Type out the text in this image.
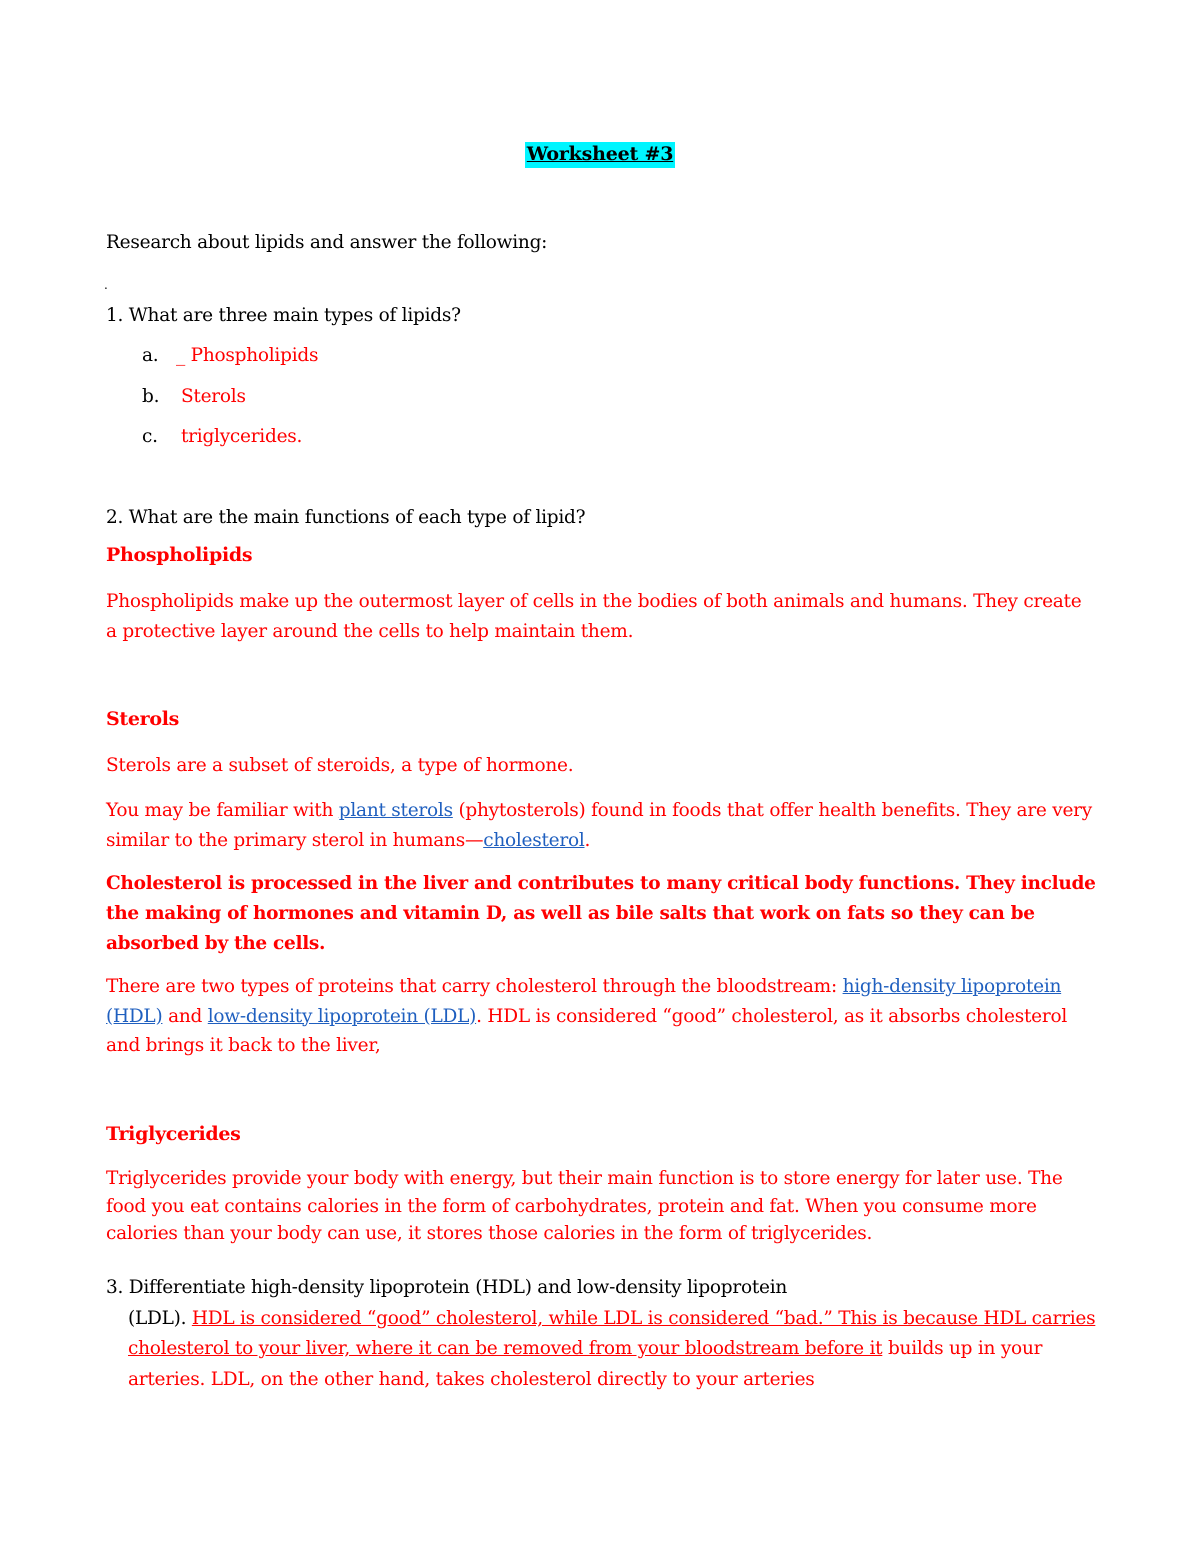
Worksheet #3
Research about lipids and answer the following:
.
1. What are three main types of lipids?
a. _ Phospholipids
b. Sterols
c. triglycerides.
2. What are the main functions of each type of lipid?
Phospholipids
Phospholipids make up the outermost layer of cells in the bodies of both animals and humans. They create a protective layer around the cells to help maintain them.
Sterols
Sterols are a subset of steroids, a type of hormone.
You may be familiar with plant sterols (phytosterols) found in foods that offer health benefits. They are very similar to the primary sterol in humans—cholesterol.
Cholesterol is processed in the liver and contributes to many critical body functions. They include the making of hormones and vitamin D, as well as bile salts that work on fats so they can be absorbed by the cells.
There are two types of proteins that carry cholesterol through the bloodstream: high-density lipoprotein (HDL) and low-density lipoprotein (LDL). HDL is considered “good” cholesterol, as it absorbs cholesterol and brings it back to the liver,
Triglycerides
Triglycerides provide your body with energy, but their main function is to store energy for later use. The food you eat contains calories in the form of carbohydrates, protein and fat. When you consume more calories than your body can use, it stores those calories in the form of triglycerides.
3. Differentiate high-density lipoprotein (HDL) and low-density lipoprotein
(LDL). HDL is considered “good” cholesterol, while LDL is considered “bad.” This is because HDL carries cholesterol to your liver, where it can be removed from your bloodstream before it builds up in your arteries. LDL, on the other hand, takes cholesterol directly to your arteries
